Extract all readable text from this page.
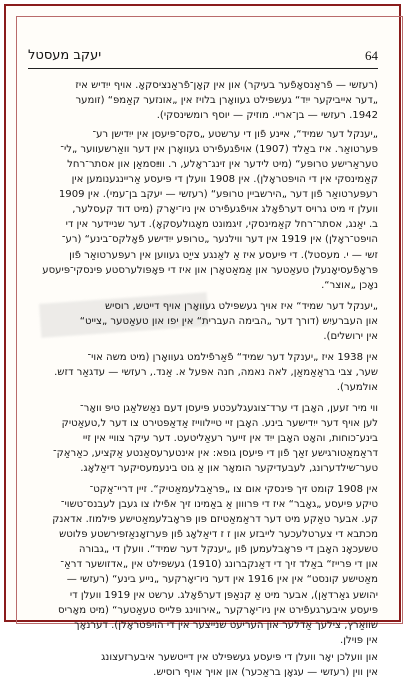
יעקב מעסטל	64
(רעזשי — פֿראַנסאָפֿער בעיקר) און אין קאָן־פֿראַנציסקאָ. אויף ייִדיש איז
„דער אייביקער ייִד“ געשפּילט געוואָרן בלויז אין „אונזער קאַמפּ“ (זומער
1942. רעזשי — בן־אריי. מוזיק — יוסף רומשינסקי).
„יענקל דער שמיד“, אײנע פֿון די ערשטע „סקס־פּיעסן אין ייִדישן רע־
פּערטואַר. איז באַלד (1907) אויפֿגעפֿירט געוואָרן אין דער וואַרשעווער „לי־
טעראַרישע טרופּע“ (מיט לידער אין זינג־ראָלע, ר. ווײַסמאַן און אסתר־רחל
קאַמינסקי אין די הויפּטראָלן). אין 1908 וועלן די פּיעסע אַריינגענומען אין
רעפּערטואַר פֿון דער „הירשביין טרופּע“ (רעזשי — יעקב בן־עמי). אין 1909
וועלן זי מיט גרויס דערפֿאָלג אויפֿגעפֿירט אין ניו־יאָרק (מיט דוד קעסלער,
ב. יאַנג, אסתר־רחל קאַמינסקי, זיגמונט מאָגולעסקאָ). דער שניידער אין די
הויפּט־ראָלן) אין 1919 אין דער ווילנער „טרופּע ייִדישע פֿאָלקס־בינע“ (רע־
זשי — י. מעסטל). די פּיעסע איז אַ לאַנגע צייַט געווען אין רעפּערטואַר פֿון
פּראָפֿעסיאָנעלן טעאַטער און אַמאַטאָרן און איז די פּאָפּולערסטע פּינסקי־פּיעסע
נאָכן „אוצר“.
„יענקל דער שמיד“ איז אויך געשפּילט געוואָרן אויף דייטש, רוסיש
און העברעיִש (דורך דער „הבימה העברית“ אין יפו און טעאַטער „צייט“
אין ירושלים).
אין 1938 איז „יענקל דער שמיד“ פֿאַרפֿילמט געוואָרן (מיט משה אוי־
שער, צבי בראַאַמאַן, לאה נאמה, חנה אפּעל א. אַנד., רעזשי — עדגאַר דזש.
אולמער).
ווי מיר זעען, האָבן די ערד־צוגעגלעכטע פּיעסן דעם נאַשלאַגן טיפּ וואָר־
לען אויף דער ייִדישער בינע. האָבן זיי טיילווייז אַדאַפּטירט צו דער ל‚טעאַטיק
בינע־כוחות, והאָט האָבן ייִד אין זייער רעאַליטעט. דער עיקר צוויי אין זיי
דראַמאַטורגישע זאַך פֿון די פּיעסן גופא: אין אינטערעסאַנטע אַקציע, כאַראַק־
טער־שילדערונג, לעבעדיקער הומאָר און אַ גוט בינעמעסיקער דיאַלאָג.
אין 1908 קומט זיך פּינסקי אום צו „פּראַבלעמאַטיק“. זיין דריי־אַקט־
טיקע פּיעסע „גאָבר“ איז די פּרווון אַ באַמינו זיך אפֿילו צו געבן לעבנס־טשוי־
קע. אבער טאַקע מיט דער דראַמאַטיזם פּון פּראָבלעמאַטישע פּילמוז. אדאנק
מכתבא די צערטלעכער לייבזע און ז ז דיאַלאָג פֿון פּערזאָנאַזפּירשטע פּלוטש
טשעכאָנ האָבן די פּראָבלעמען פֿון „יענקל דער שמיד“. וועלן די „גבורה
און די פּרייז“ באַלד זיך די דאַנקברונג (1910) געשפּילט אין „אדזושער דראַ־
מאַטישע קונסט“ אין אין 1916 אין דער ניו־יאָרקער „נייע בינע“ (רעזשי —
יהושע גאַרדאַן), אבער מיט אַ קנאַפּן דערפֿאָלג. ערשט אין 1919 וועלן די
פּיעסע איבערגעפֿירט אין ניו־יאָרקער „אירווינג פּלייס טעאַטער“ (מיט מאָריס
שוואַרץ, צילעך אַדלער און העריעט שנייצער אין די הויפּטראָלן). דערנאָך
אין פּוילן.
און וועלכן יאָר וועלן די פּיעסע געשפּילט אין דייטשער איבערזעצונג
אין ווין (רעזשי — עגאָן בראַכער) און אויך אויף רוסיש.
